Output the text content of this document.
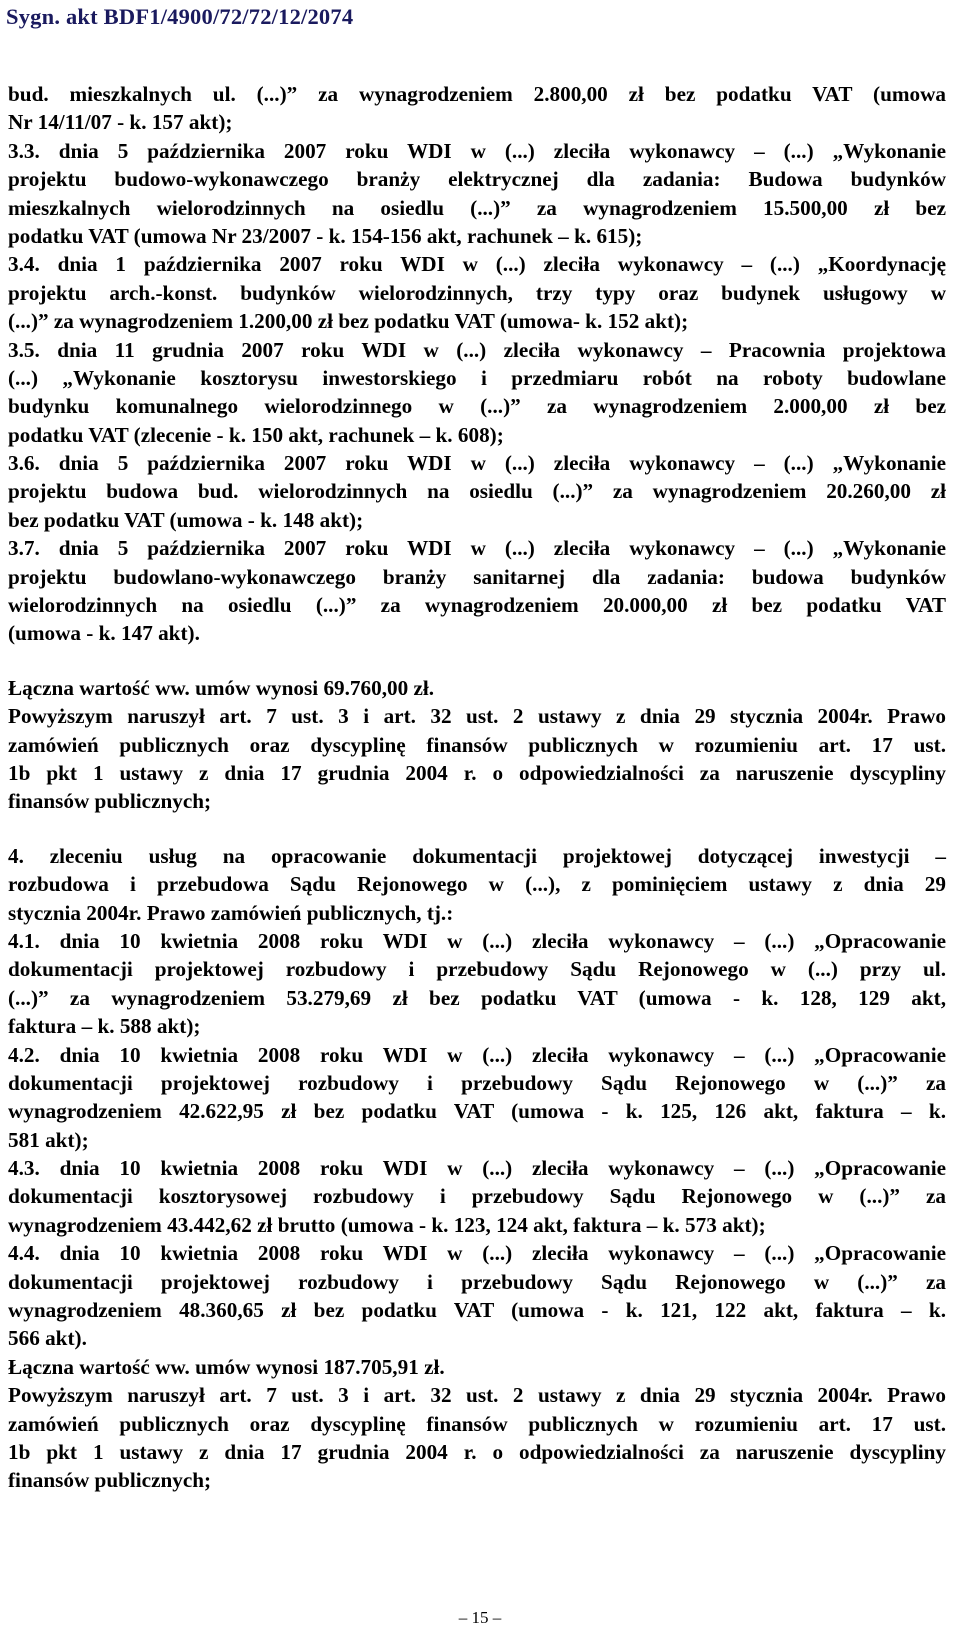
Sygn. akt BDF1/4900/72/72/12/2074
bud. mieszkalnych ul. (...)” za wynagrodzeniem 2.800,00 zł bez podatku VAT (umowa
Nr 14/11/07 - k. 157 akt);
3.3. dnia 5 października 2007 roku WDI w (...) zleciła wykonawcy – (...) „Wykonanie
projektu budowo-wykonawczego branży elektrycznej dla zadania: Budowa budynków
mieszkalnych wielorodzinnych na osiedlu (...)” za wynagrodzeniem 15.500,00 zł bez
podatku VAT (umowa Nr 23/2007 - k. 154-156 akt, rachunek – k. 615);
3.4. dnia 1 października 2007 roku WDI w (...) zleciła wykonawcy – (...) „Koordynację
projektu arch.-konst. budynków wielorodzinnych, trzy typy oraz budynek usługowy w
(...)” za wynagrodzeniem 1.200,00 zł bez podatku VAT (umowa- k. 152 akt);
3.5. dnia 11 grudnia 2007 roku WDI w (...) zleciła wykonawcy – Pracownia projektowa
(...) „Wykonanie kosztorysu inwestorskiego i przedmiaru robót na roboty budowlane
budynku komunalnego wielorodzinnego w (...)” za wynagrodzeniem 2.000,00 zł bez
podatku VAT (zlecenie - k. 150 akt, rachunek – k. 608);
3.6. dnia 5 października 2007 roku WDI w (...) zleciła wykonawcy – (...) „Wykonanie
projektu budowa bud. wielorodzinnych na osiedlu (...)” za wynagrodzeniem 20.260,00 zł
bez podatku VAT (umowa - k. 148 akt);
3.7. dnia 5 października 2007 roku WDI w (...) zleciła wykonawcy – (...) „Wykonanie
projektu budowlano-wykonawczego branży sanitarnej dla zadania: budowa budynków
wielorodzinnych na osiedlu (...)” za wynagrodzeniem 20.000,00 zł bez podatku VAT
(umowa - k. 147 akt).
Łączna wartość ww. umów wynosi 69.760,00 zł.
Powyższym naruszył art. 7 ust. 3 i art. 32 ust. 2 ustawy z dnia 29 stycznia 2004r. Prawo
zamówień publicznych oraz dyscyplinę finansów publicznych w rozumieniu art. 17 ust.
1b pkt 1 ustawy z dnia 17 grudnia 2004 r. o odpowiedzialności za naruszenie dyscypliny
finansów publicznych;
4. zleceniu usług na opracowanie dokumentacji projektowej dotyczącej inwestycji –
rozbudowa i przebudowa Sądu Rejonowego w (...), z pominięciem ustawy z dnia 29
stycznia 2004r. Prawo zamówień publicznych, tj.:
4.1. dnia 10 kwietnia 2008 roku WDI w (...) zleciła wykonawcy – (...) „Opracowanie
dokumentacji projektowej rozbudowy i przebudowy Sądu Rejonowego w (...) przy ul.
(...)” za wynagrodzeniem 53.279,69 zł bez podatku VAT (umowa - k. 128, 129 akt,
faktura – k. 588 akt);
4.2. dnia 10 kwietnia 2008 roku WDI w (...) zleciła wykonawcy – (...) „Opracowanie
dokumentacji projektowej rozbudowy i przebudowy Sądu Rejonowego w (...)” za
wynagrodzeniem 42.622,95 zł bez podatku VAT (umowa - k. 125, 126 akt, faktura – k.
581 akt);
4.3. dnia 10 kwietnia 2008 roku WDI w (...) zleciła wykonawcy – (...) „Opracowanie
dokumentacji kosztorysowej rozbudowy i przebudowy Sądu Rejonowego w (...)” za
wynagrodzeniem 43.442,62 zł brutto (umowa - k. 123, 124 akt, faktura – k. 573 akt);
4.4. dnia 10 kwietnia 2008 roku WDI w (...) zleciła wykonawcy – (...) „Opracowanie
dokumentacji projektowej rozbudowy i przebudowy Sądu Rejonowego w (...)” za
wynagrodzeniem 48.360,65 zł bez podatku VAT (umowa - k. 121, 122 akt, faktura – k.
566 akt).
Łączna wartość ww. umów wynosi 187.705,91 zł.
Powyższym naruszył art. 7 ust. 3 i art. 32 ust. 2 ustawy z dnia 29 stycznia 2004r. Prawo
zamówień publicznych oraz dyscyplinę finansów publicznych w rozumieniu art. 17 ust.
1b pkt 1 ustawy z dnia 17 grudnia 2004 r. o odpowiedzialności za naruszenie dyscypliny
finansów publicznych;
– 15 –
